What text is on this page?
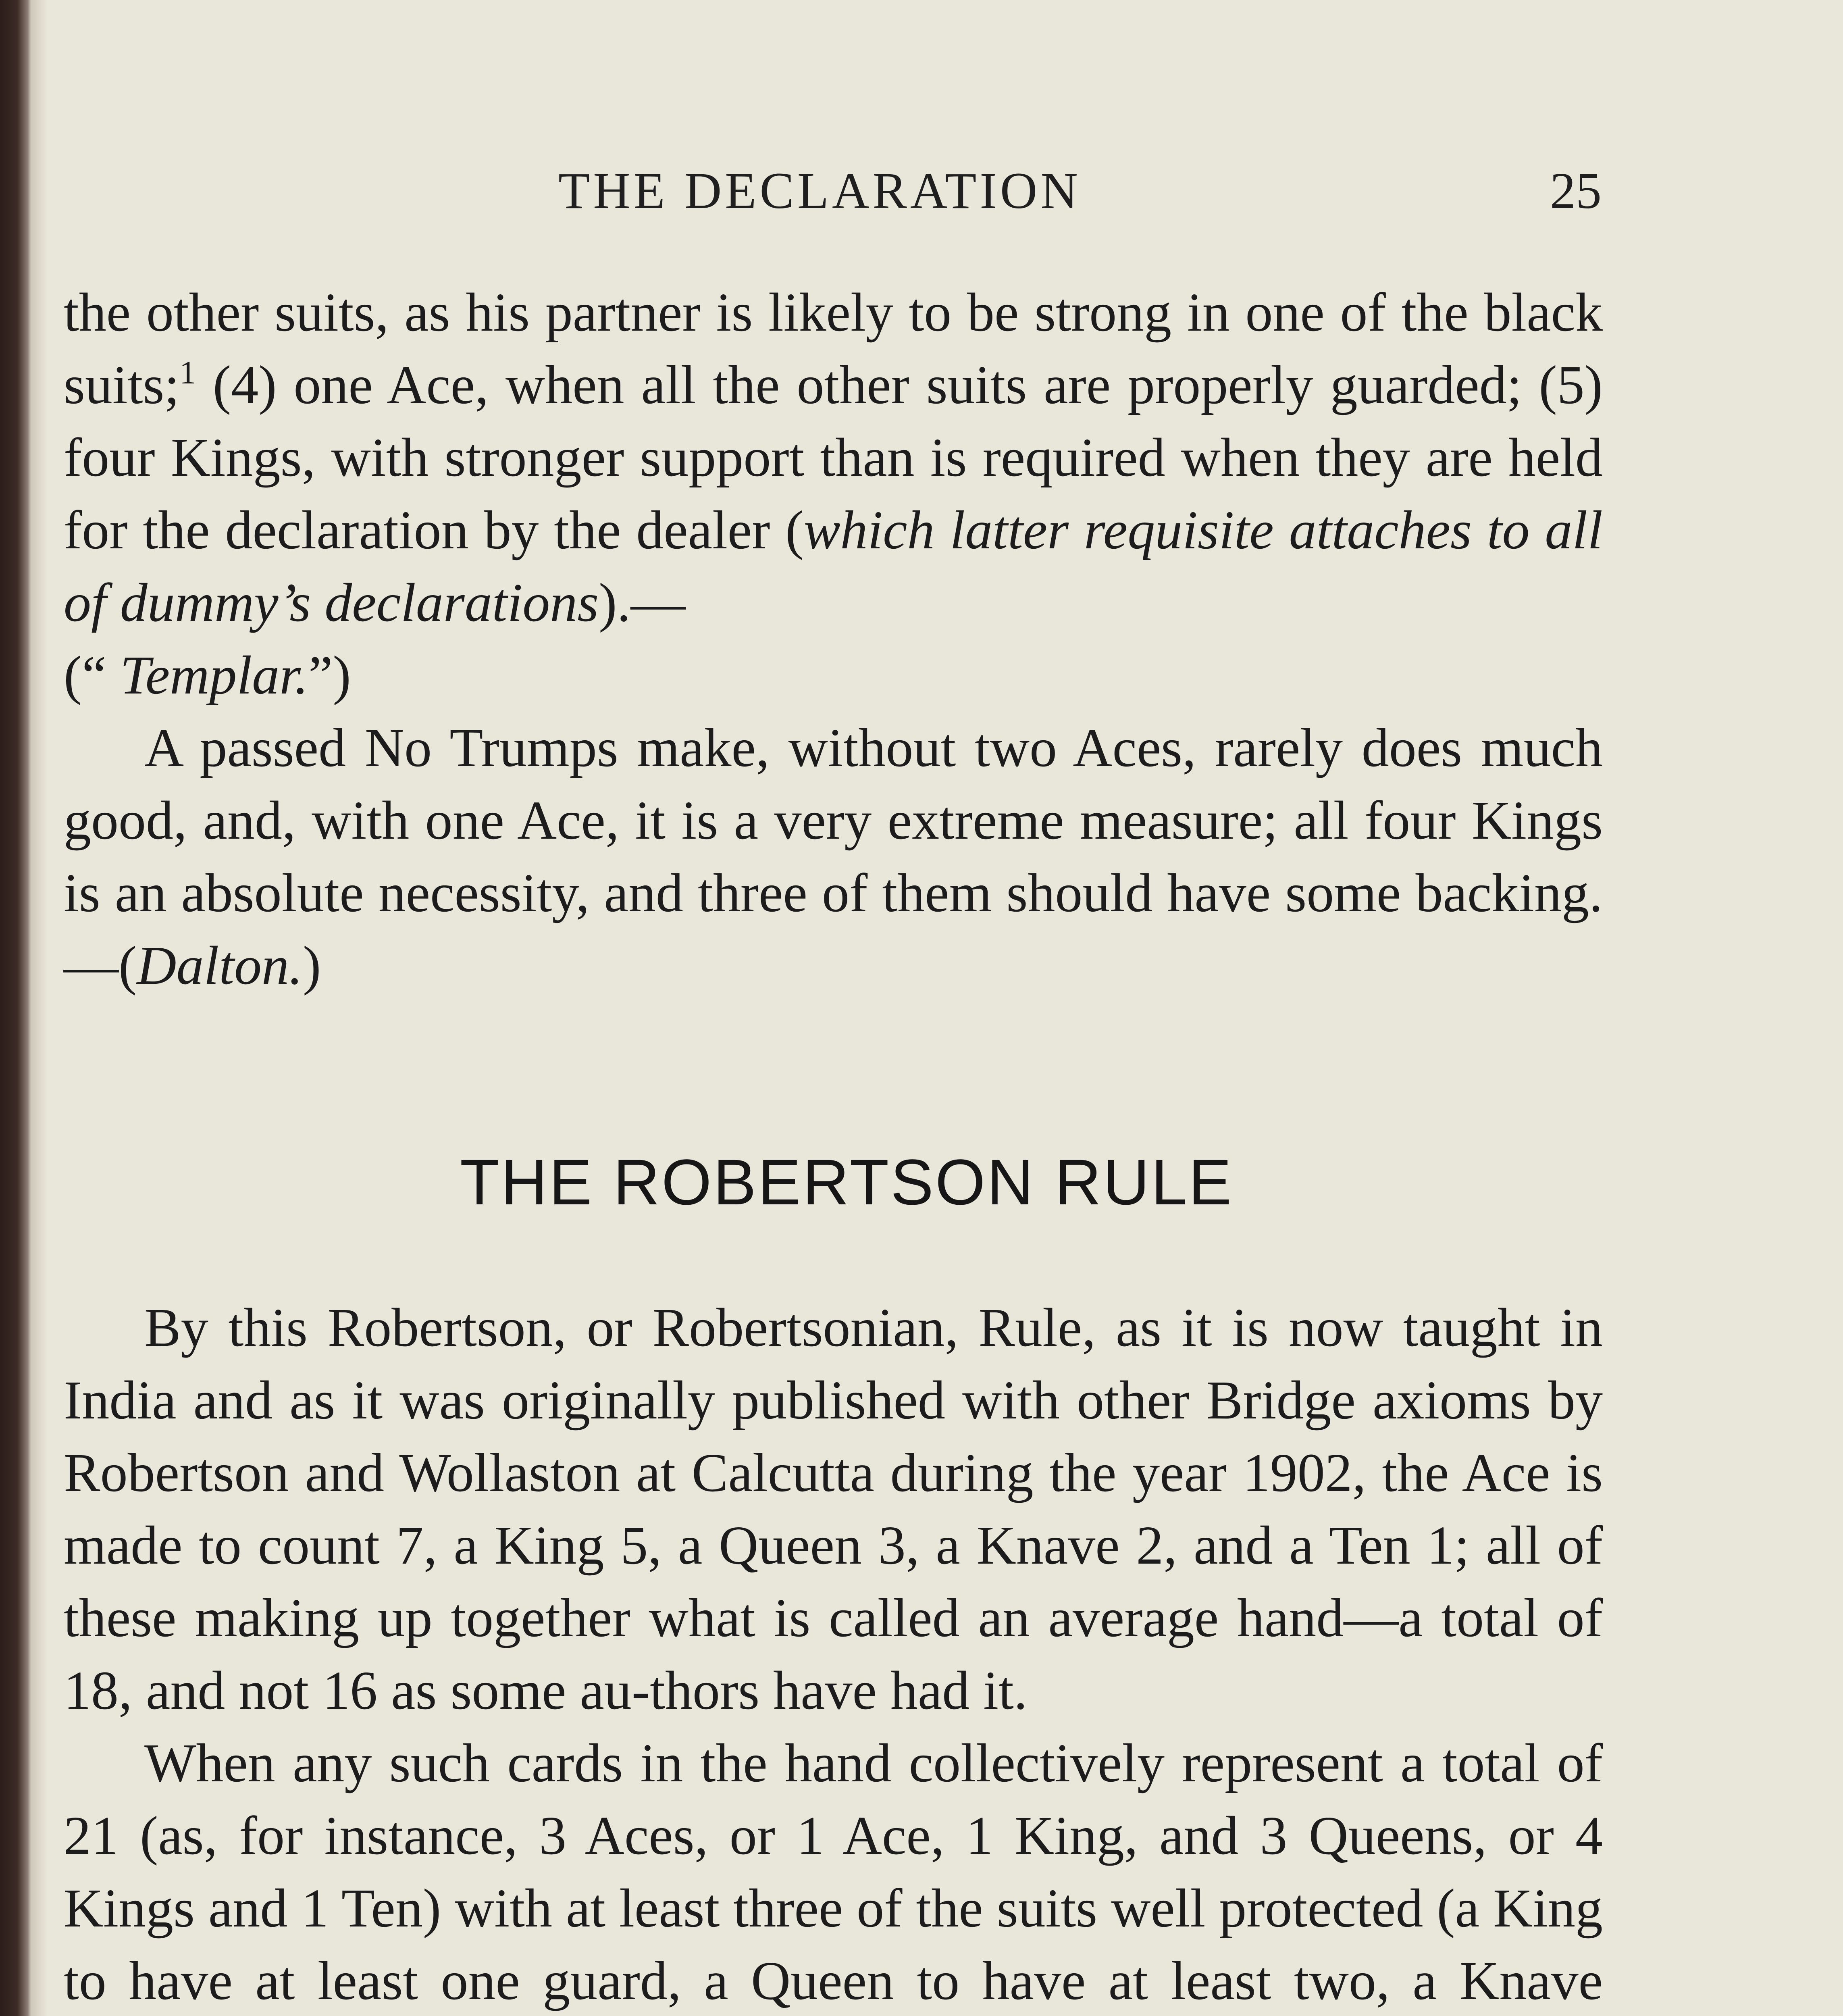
THE DECLARATION	25

the other suits, as his partner is likely to be strong in one of the black suits;$^1$ (4) one Ace, when all the other suits are properly guarded; (5) four Kings, with stronger support than is required when they are held for the declaration by the dealer (which latter requisite attaches to all of dummy’s declarations).—
(“ Templar.”)

A passed No Trumps make, without two Aces, rarely does much good, and, with one Ace, it is a very extreme measure; all four Kings is an absolute necessity, and three of them should have some backing.—(Dalton.)

THE ROBERTSON RULE

By this Robertson, or Robertsonian, Rule, as it is now taught in India and as it was originally published with other Bridge axioms by Robertson and Wollaston at Calcutta during the year 1902, the Ace is made to count 7, a King 5, a Queen 3, a Knave 2, and a Ten 1; all of these making up together what is called an average hand—a total of 18, and not 16 as some au-thors have had it.

When any such cards in the hand collectively represent a total of 21 (as, for instance, 3 Aces, or 1 Ace, 1 King, and 3 Queens, or 4 Kings and 1 Ten) with at least three of the suits well protected (a King to have at least one guard, a Queen to have at least two, a Knave
